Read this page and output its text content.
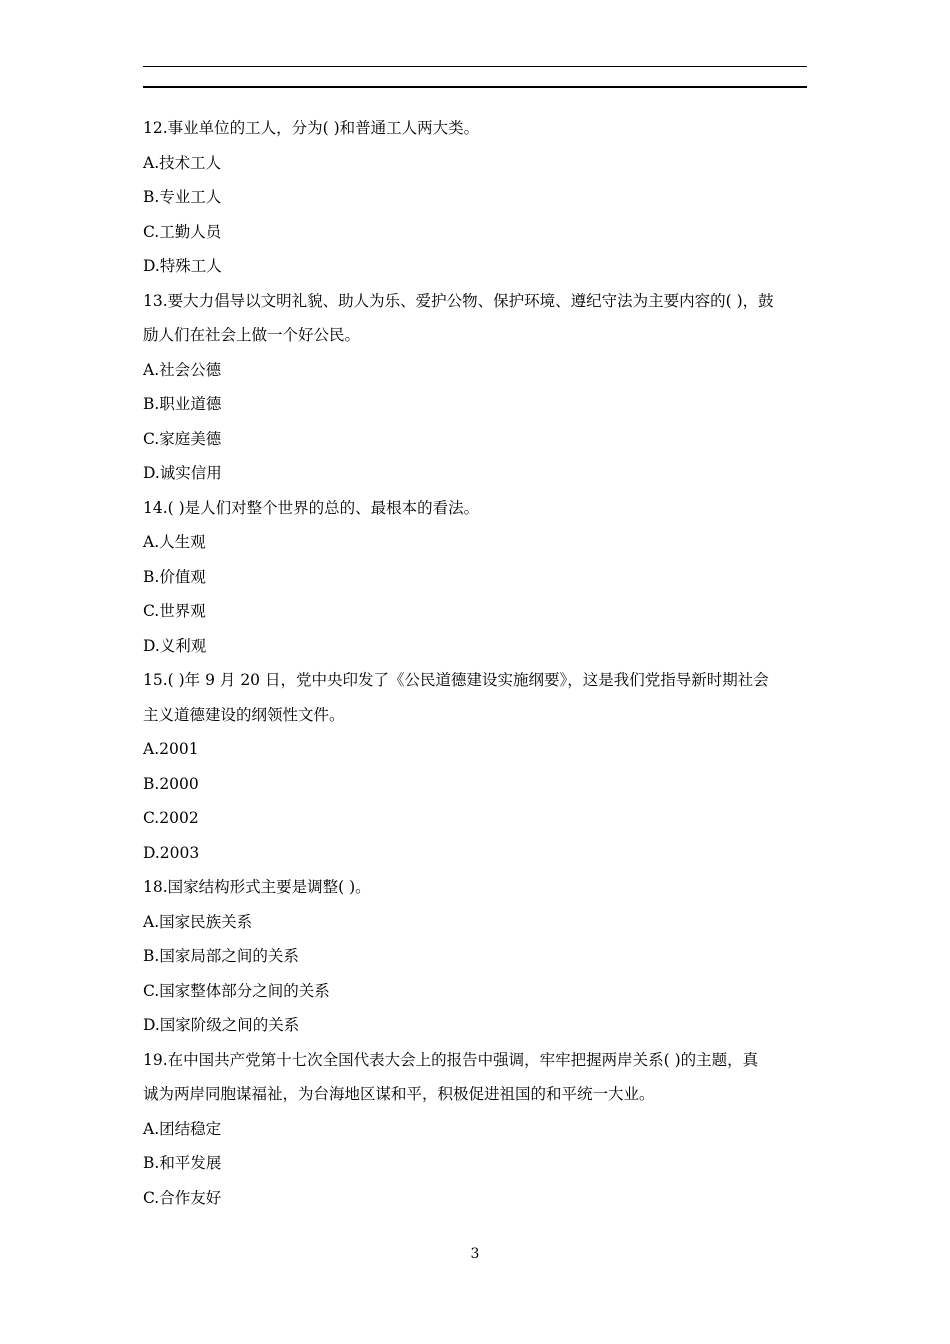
12.事业单位的工人，分为( )和普通工人两大类。
A.技术工人
B.专业工人
C.工勤人员
D.特殊工人
13.要大力倡导以文明礼貌、助人为乐、爱护公物、保护环境、遵纪守法为主要内容的( )，鼓
励人们在社会上做一个好公民。
A.社会公德
B.职业道德
C.家庭美德
D.诚实信用
14.( )是人们对整个世界的总的、最根本的看法。
A.人生观
B.价值观
C.世界观
D.义利观
15.( )年 9 月 20 日，党中央印发了《公民道德建设实施纲要》，这是我们党指导新时期社会
主义道德建设的纲领性文件。
A.2001
B.2000
C.2002
D.2003
18.国家结构形式主要是调整( )。
A.国家民族关系
B.国家局部之间的关系
C.国家整体部分之间的关系
D.国家阶级之间的关系
19.在中国共产党第十七次全国代表大会上的报告中强调，牢牢把握两岸关系( )的主题，真
诚为两岸同胞谋福祉，为台海地区谋和平，积极促进祖国的和平统一大业。
A.团结稳定
B.和平发展
C.合作友好
3
